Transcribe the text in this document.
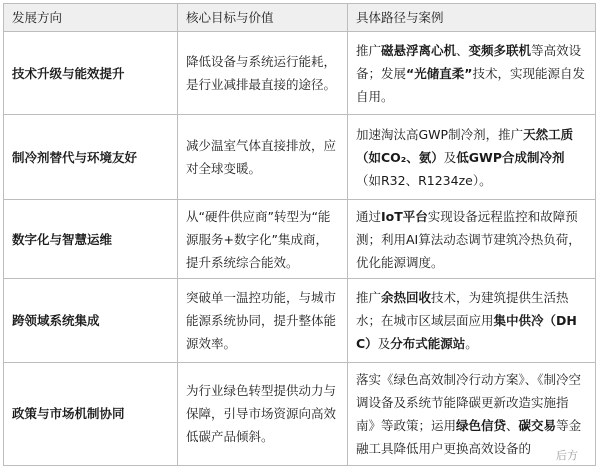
发展方向	核心目标与价值	具体路径与案例
技术升级与能效提升	降低设备与系统运行能耗，是行业减排最直接的途径。	推广磁悬浮离心机、变频多联机等高效设备；发展“光储直柔”技术，实现能源自发自用。

制冷剂替代与环境友好	减少温室气体直接排放，应对全球变暖。	加速淘汰高GWP制冷剂，推广天然工质（如CO₂、氨）及低GWP合成制冷剂（如R32、R1234ze）。

数字化与智慧运维	从“硬件供应商”转型为“能源服务+数字化”集成商，提升系统综合能效。	通过IoT平台实现设备远程监控和故障预测；利用AI算法动态调节建筑冷热负荷，优化能源调度。

跨领域系统集成	突破单一温控功能，与城市能源系统协同，提升整体能源效率。	推广余热回收技术，为建筑提供生活热水；在城市区域层面应用集中供冷（DHC）及分布式能源站。

政策与市场机制协同	为行业绿色转型提供动力与保障，引导市场资源向高效低碳产品倾斜。	落实《绿色高效制冷行动方案》、《制冷空调设备及系统节能降碳更新改造实施指南》等政策；运用绿色信贷、碳交易等金融工具降低用户更换高效设备的	后方
